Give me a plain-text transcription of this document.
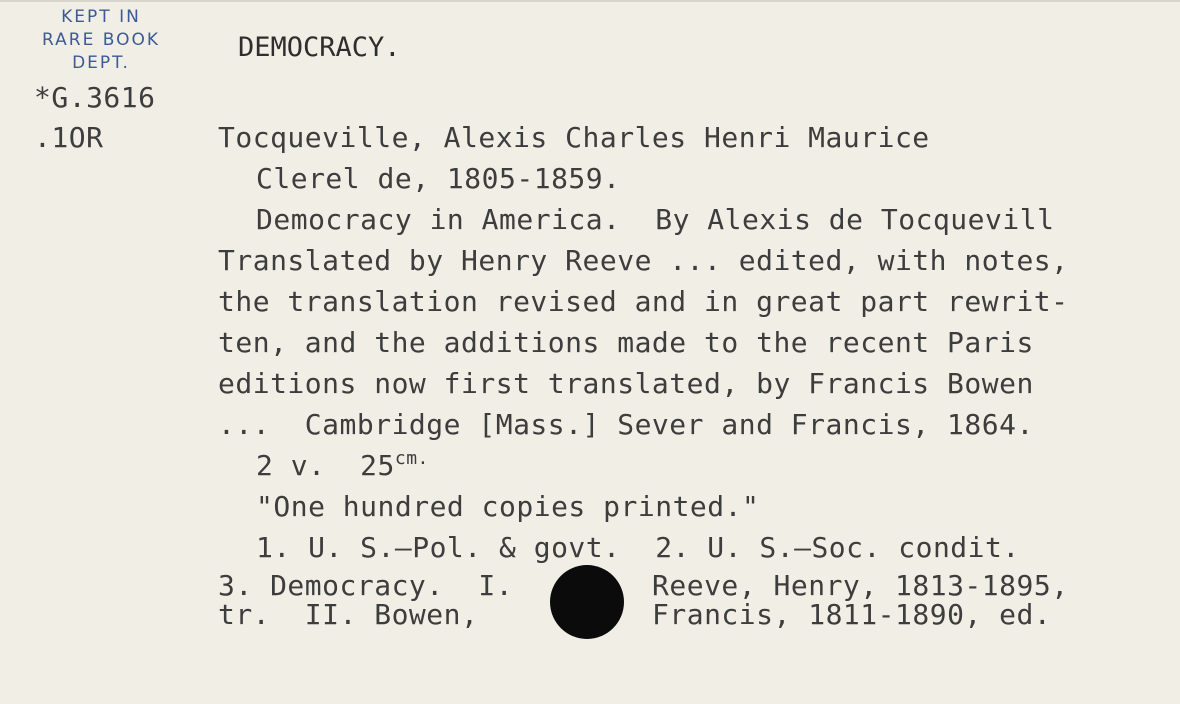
KEPT IN
RARE BOOK
DEPT.	DEMOCRACY.
*G.3616
.1OR	Tocqueville, Alexis Charles Henri Maurice
Clerel de, 1805-1859.
Democracy in America.  By Alexis de Tocquevill
Translated by Henry Reeve ... edited, with notes,
the translation revised and in great part rewrit-
ten, and the additions made to the recent Paris
editions now first translated, by Francis Bowen
...  Cambridge [Mass.] Sever and Francis, 1864.
2 v. $25^{cm.}$
"One hundred copies printed."
1. U. S.—Pol. & govt.  2. U. S.—Soc. condit.
3. Democracy.  I.
tr.  II. Bowen,
Reeve, Henry, 1813-1895,
Francis, 1811-1890, ed.
